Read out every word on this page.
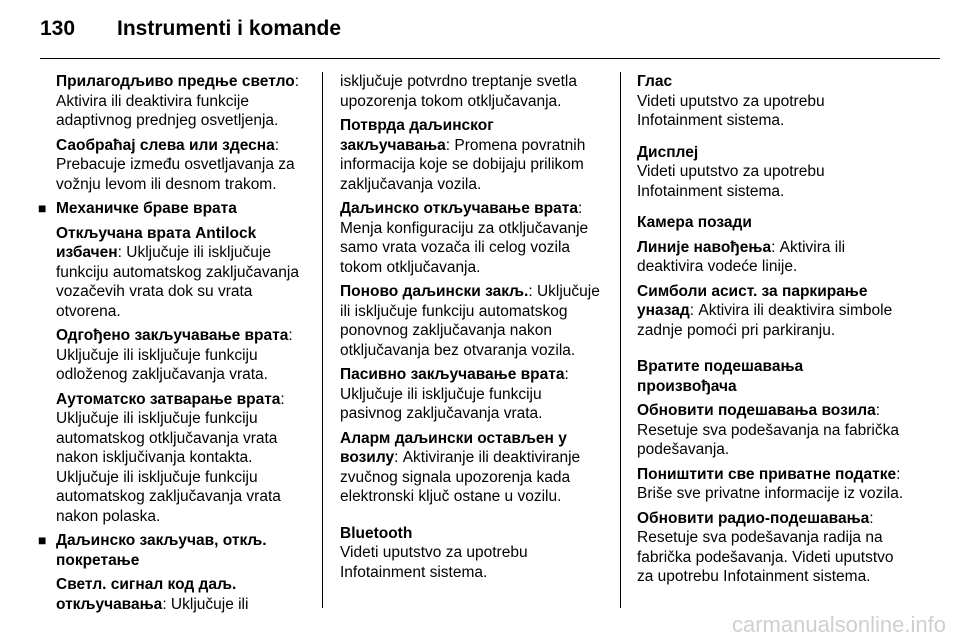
130 Instrumenti i komande

Прилагодљиво предње светло: Aktivira ili deaktivira funkcije adaptivnog prednjeg osvetljenja.

Саобраћај слева или здесна: Prebacuje između osvetljavanja za vožnju levom ili desnom trakom.

■ Механичке браве врата

Откључана врата Antilock избачен: Uključuje ili isključuje funkciju automatskog zaključavanja vozačevih vrata dok su vrata otvorena.

Одгођено закључавање врата: Uključuje ili isključuje funkciju odloženog zaključavanja vrata.

Аутоматско затварање врата: Uključuje ili isključuje funkciju automatskog otključavanja vrata nakon isključivanja kontakta. Uključuje ili isključuje funkciju automatskog zaključavanja vrata nakon polaska.

■ Даљинско закључав, откљ. покретање

Светл. сигнал код даљ. откључавања: Uključuje ili

isključuje potvrdno treptanje svetla upozorenja tokom otključavanja.

Потврда даљинског закључавања: Promena povratnih informacija koje se dobijaju prilikom zaključavanja vozila.

Даљинско откључавање врата: Menja konfiguraciju za otključavanje samo vrata vozača ili celog vozila tokom otključavanja.

Поново даљински закљ.: Uključuje ili isključuje funkciju automatskog ponovnog zaključavanja nakon otključavanja bez otvaranja vozila.

Пасивно закључавање врата: Uključuje ili isključuje funkciju pasivnog zaključavanja vrata.

Аларм даљински остављен у возилу: Aktiviranje ili deaktiviranje zvučnog signala upozorenja kada elektronski ključ ostane u vozilu.

Bluetooth
Videti uputstvo za upotrebu Infotainment sistema.
Глас
Videti uputstvo za upotrebu Infotainment sistema.
Дисплеј
Videti uputstvo za upotrebu Infotainment sistema.
Камера позади

Линије навођења: Aktivira ili deaktivira vodeće linije.

Симболи асист. за паркирање уназад: Aktivira ili deaktivira simbole zadnje pomoći pri parkiranju.

Вратите подешавања произвођача

Обновити подешавања возила: Resetuje sva podešavanja na fabrička podešavanja.

Поништити све приватне податке: Briše sve privatne informacije iz vozila.

Обновити радио-подешавања: Resetuje sva podešavanja radija na fabrička podešavanja. Videti uputstvo za upotrebu Infotainment sistema.

carmanualsonline.info
